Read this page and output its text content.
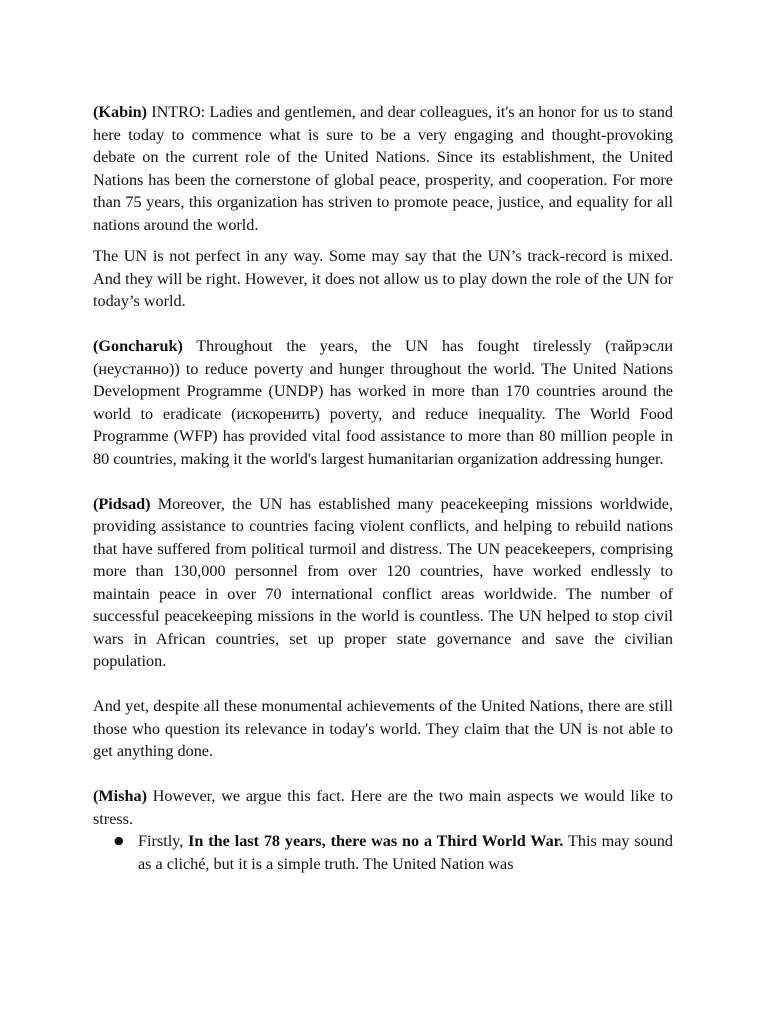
(Kabin) INTRO: Ladies and gentlemen, and dear colleagues, it's an honor for us to stand here today to commence what is sure to be a very engaging and thought-provoking debate on the current role of the United Nations. Since its establishment, the United Nations has been the cornerstone of global peace, prosperity, and cooperation. For more than 75 years, this organization has striven to promote peace, justice, and equality for all nations around the world.

The UN is not perfect in any way. Some may say that the UN’s track-record is mixed. And they will be right. However, it does not allow us to play down the role of the UN for today’s world.

(Goncharuk) Throughout the years, the UN has fought tirelessly (тайрэсли (неустанно)) to reduce poverty and hunger throughout the world. The United Nations Development Programme (UNDP) has worked in more than 170 countries around the world to eradicate (искоренить) poverty, and reduce inequality. The World Food Programme (WFP) has provided vital food assistance to more than 80 million people in 80 countries, making it the world's largest humanitarian organization addressing hunger.

(Pidsad) Moreover, the UN has established many peacekeeping missions worldwide, providing assistance to countries facing violent conflicts, and helping to rebuild nations that have suffered from political turmoil and distress. The UN peacekeepers, comprising more than 130,000 personnel from over 120 countries, have worked endlessly to maintain peace in over 70 international conflict areas worldwide. The number of successful peacekeeping missions in the world is countless. The UN helped to stop civil wars in African countries, set up proper state governance and save the civilian population.

And yet, despite all these monumental achievements of the United Nations, there are still those who question its relevance in today's world. They claim that the UN is not able to get anything done.

(Misha) However, we argue this fact. Here are the two main aspects we would like to stress.

● Firstly, In the last 78 years, there was no a Third World War. This may sound as a cliché, but it is a simple truth. The United Nation was
